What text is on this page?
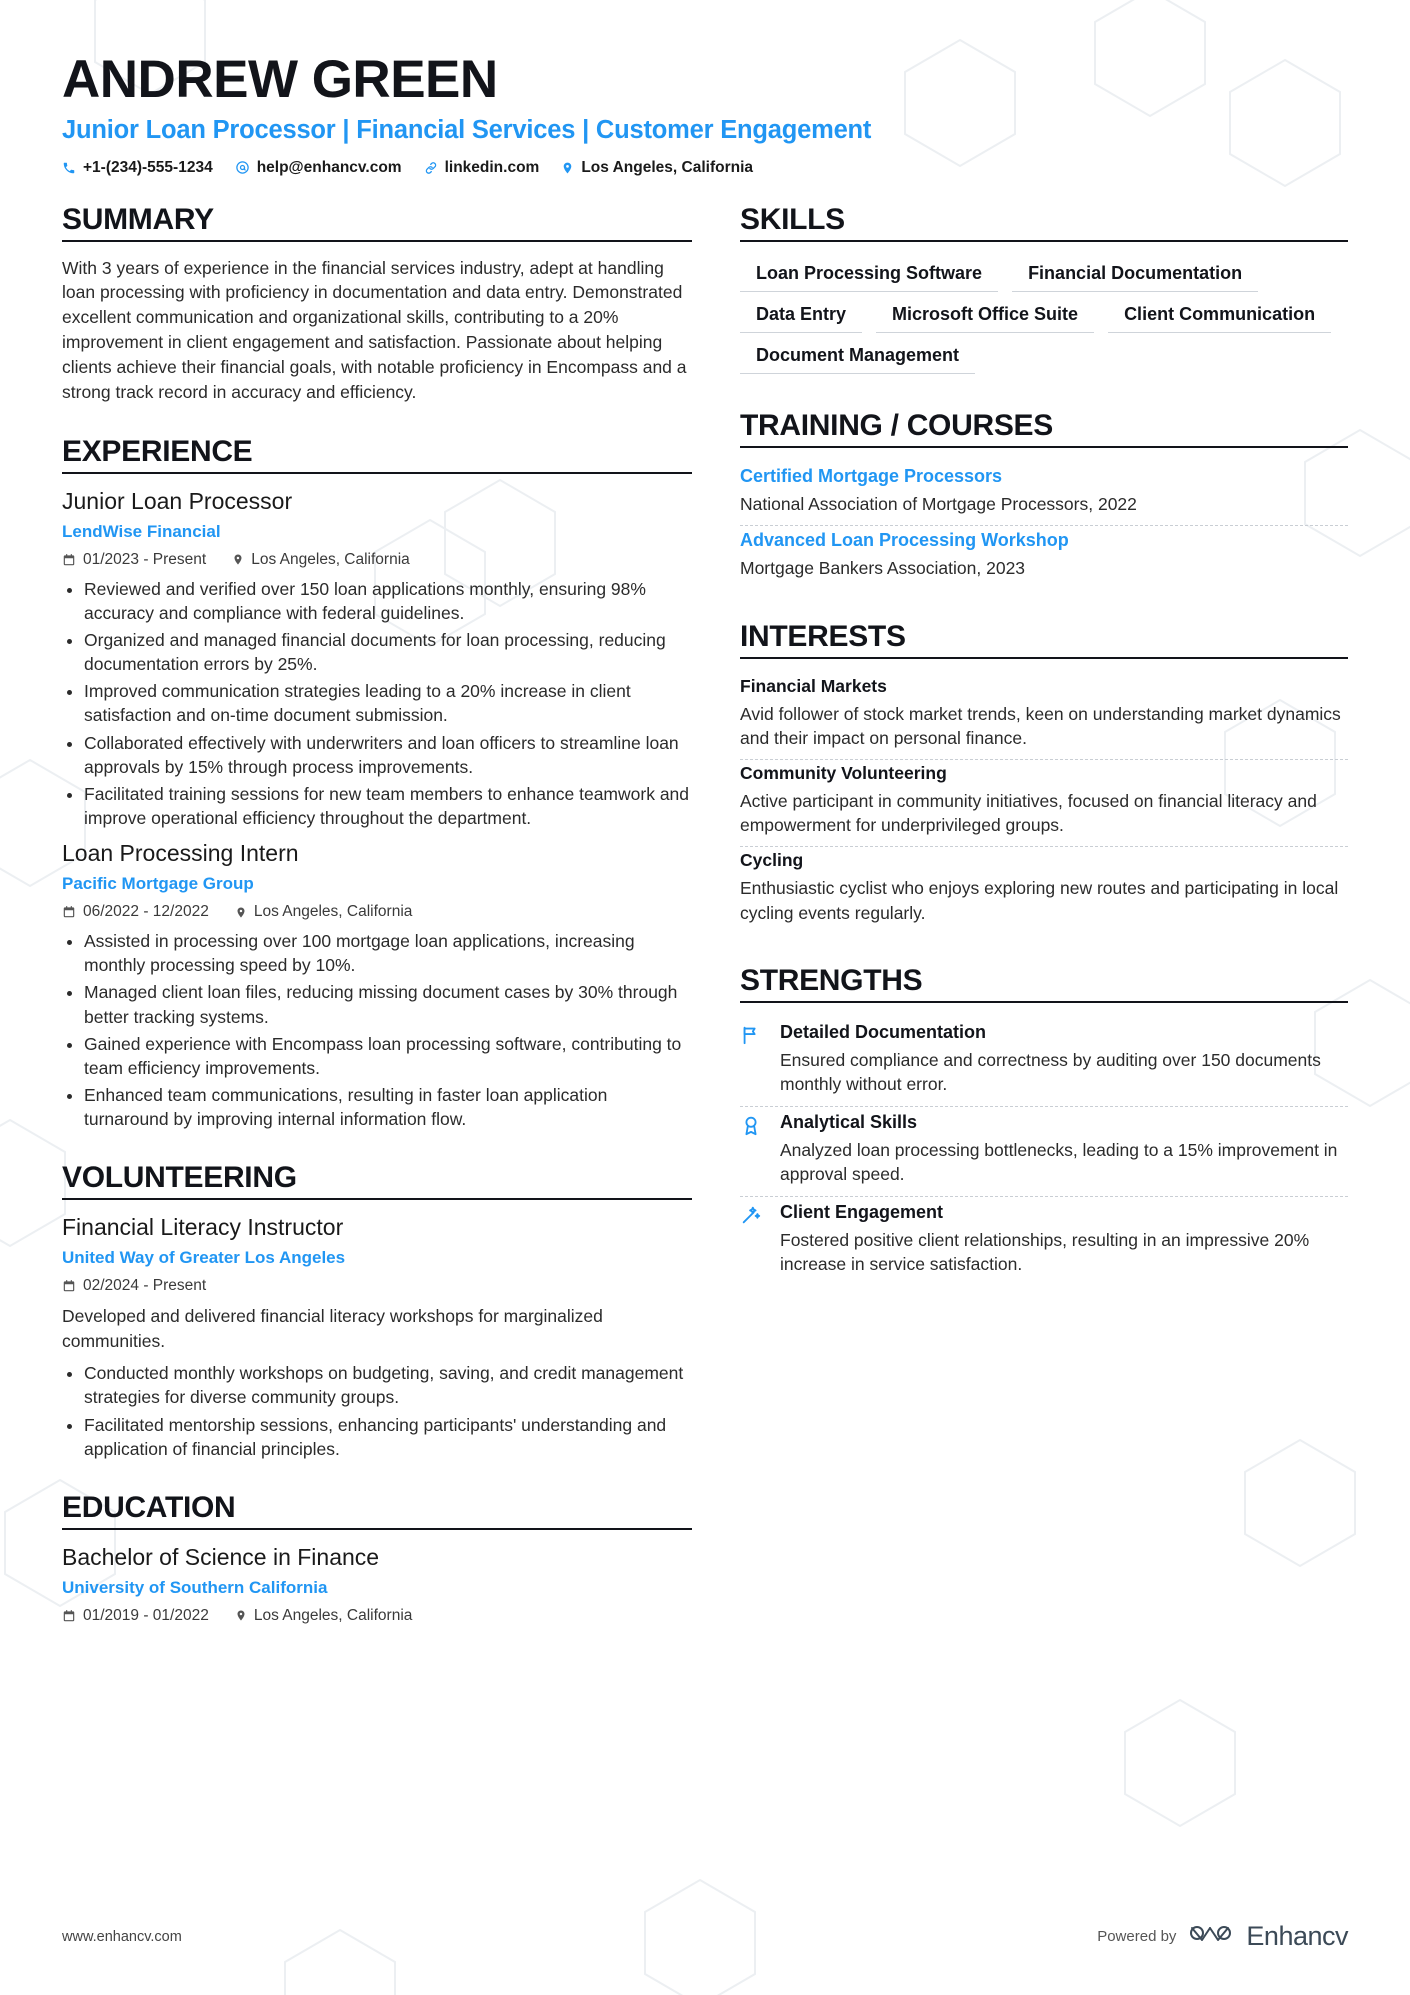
ANDREW GREEN
Junior Loan Processor | Financial Services | Customer Engagement
+1-(234)-555-1234	help@enhancv.com	linkedin.com	Los Angeles, California
SUMMARY

With 3 years of experience in the financial services industry, adept at handling loan processing with proficiency in documentation and data entry. Demonstrated excellent communication and organizational skills, contributing to a 20% improvement in client engagement and satisfaction. Passionate about helping clients achieve their financial goals, with notable proficiency in Encompass and a strong track record in accuracy and efficiency.

EXPERIENCE
Junior Loan Processor
LendWise Financial
01/2023 - Present	Los Angeles, California
• Reviewed and verified over 150 loan applications monthly, ensuring 98% accuracy and compliance with federal guidelines.
• Organized and managed financial documents for loan processing, reducing documentation errors by 25%.
• Improved communication strategies leading to a 20% increase in client satisfaction and on-time document submission.
• Collaborated effectively with underwriters and loan officers to streamline loan approvals by 15% through process improvements.
• Facilitated training sessions for new team members to enhance teamwork and improve operational efficiency throughout the department.
Loan Processing Intern
Pacific Mortgage Group
06/2022 - 12/2022	Los Angeles, California
• Assisted in processing over 100 mortgage loan applications, increasing monthly processing speed by 10%.
• Managed client loan files, reducing missing document cases by 30% through better tracking systems.
• Gained experience with Encompass loan processing software, contributing to team efficiency improvements.
• Enhanced team communications, resulting in faster loan application turnaround by improving internal information flow.
VOLUNTEERING
Financial Literacy Instructor
United Way of Greater Los Angeles
02/2024 - Present
Developed and delivered financial literacy workshops for marginalized communities.
• Conducted monthly workshops on budgeting, saving, and credit management strategies for diverse community groups.
• Facilitated mentorship sessions, enhancing participants' understanding and application of financial principles.
EDUCATION
Bachelor of Science in Finance
University of Southern California
01/2019 - 01/2022	Los Angeles, California
SKILLS
Loan Processing Software	Financial Documentation
Data Entry	Microsoft Office Suite	Client Communication
Document Management
TRAINING / COURSES
Certified Mortgage Processors
National Association of Mortgage Processors, 2022
Advanced Loan Processing Workshop
Mortgage Bankers Association, 2023
INTERESTS
Financial Markets
Avid follower of stock market trends, keen on understanding market dynamics and their impact on personal finance.
Community Volunteering
Active participant in community initiatives, focused on financial literacy and empowerment for underprivileged groups.
Cycling
Enthusiastic cyclist who enjoys exploring new routes and participating in local cycling events regularly.
STRENGTHS
Detailed Documentation
Ensured compliance and correctness by auditing over 150 documents monthly without error.
Analytical Skills
Analyzed loan processing bottlenecks, leading to a 15% improvement in approval speed.
Client Engagement
Fostered positive client relationships, resulting in an impressive 20% increase in service satisfaction.
www.enhancv.com	Powered by	Enhancv
